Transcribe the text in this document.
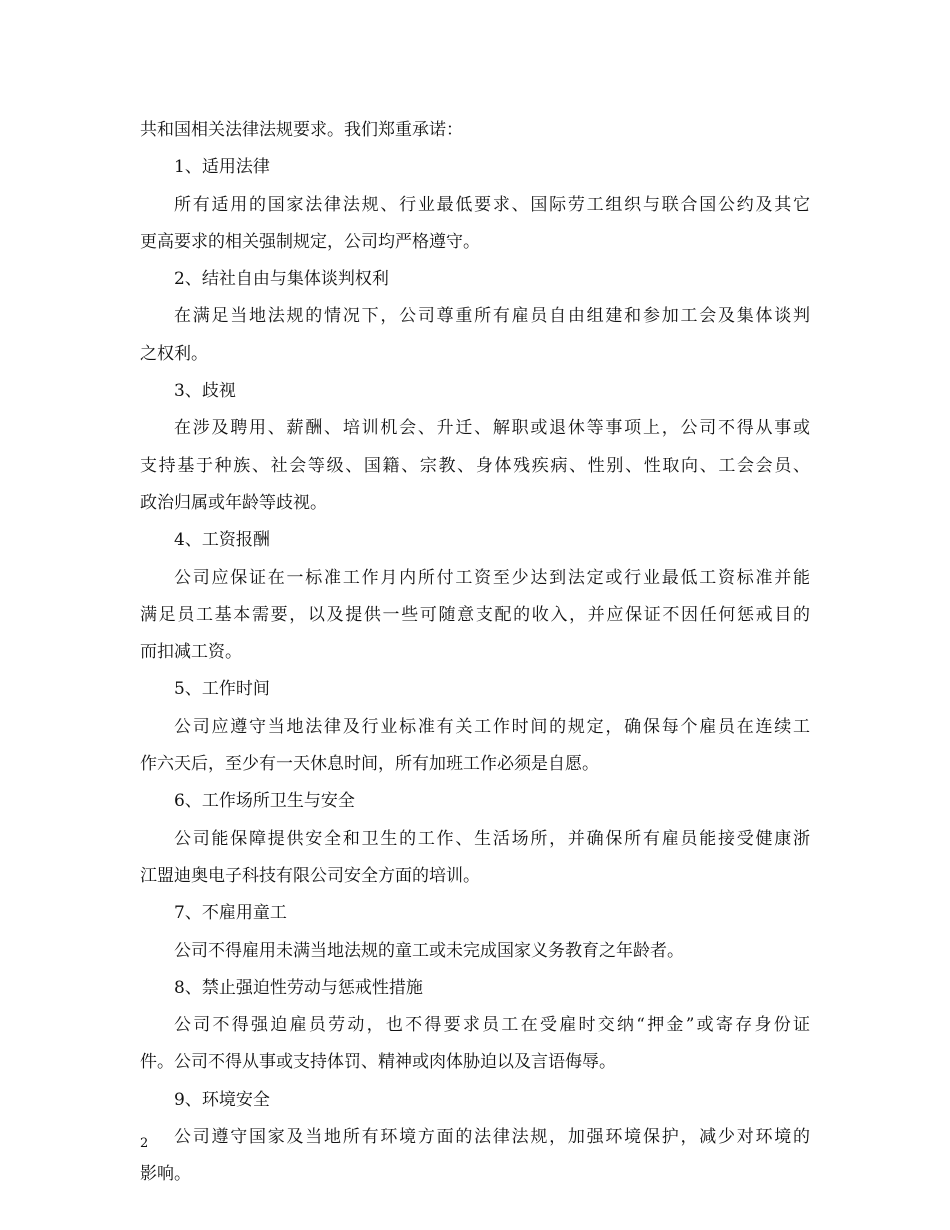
共和国相关法律法规要求。我们郑重承诺：
1、适用法律
所有适用的国家法律法规、行业最低要求、国际劳工组织与联合国公约及其它
更高要求的相关强制规定，公司均严格遵守。
2、结社自由与集体谈判权利
在满足当地法规的情况下，公司尊重所有雇员自由组建和参加工会及集体谈判
之权利。
3、歧视
在涉及聘用、薪酬、培训机会、升迁、解职或退休等事项上，公司不得从事或
支持基于种族、社会等级、国籍、宗教、身体残疾病、性别、性取向、工会会员、
政治归属或年龄等歧视。
4、工资报酬
公司应保证在一标准工作月内所付工资至少达到法定或行业最低工资标准并能
满足员工基本需要，以及提供一些可随意支配的收入，并应保证不因任何惩戒目的
而扣减工资。
5、工作时间
公司应遵守当地法律及行业标准有关工作时间的规定，确保每个雇员在连续工
作六天后，至少有一天休息时间，所有加班工作必须是自愿。
6、工作场所卫生与安全
公司能保障提供安全和卫生的工作、生活场所，并确保所有雇员能接受健康浙
江盟迪奥电子科技有限公司安全方面的培训。
7、不雇用童工
公司不得雇用未满当地法规的童工或未完成国家义务教育之年龄者。
8、禁止强迫性劳动与惩戒性措施
公司不得强迫雇员劳动，也不得要求员工在受雇时交纳“押金”或寄存身份证
件。公司不得从事或支持体罚、精神或肉体胁迫以及言语侮辱。
9、环境安全
公司遵守国家及当地所有环境方面的法律法规，加强环境保护，减少对环境的
影响。
2
